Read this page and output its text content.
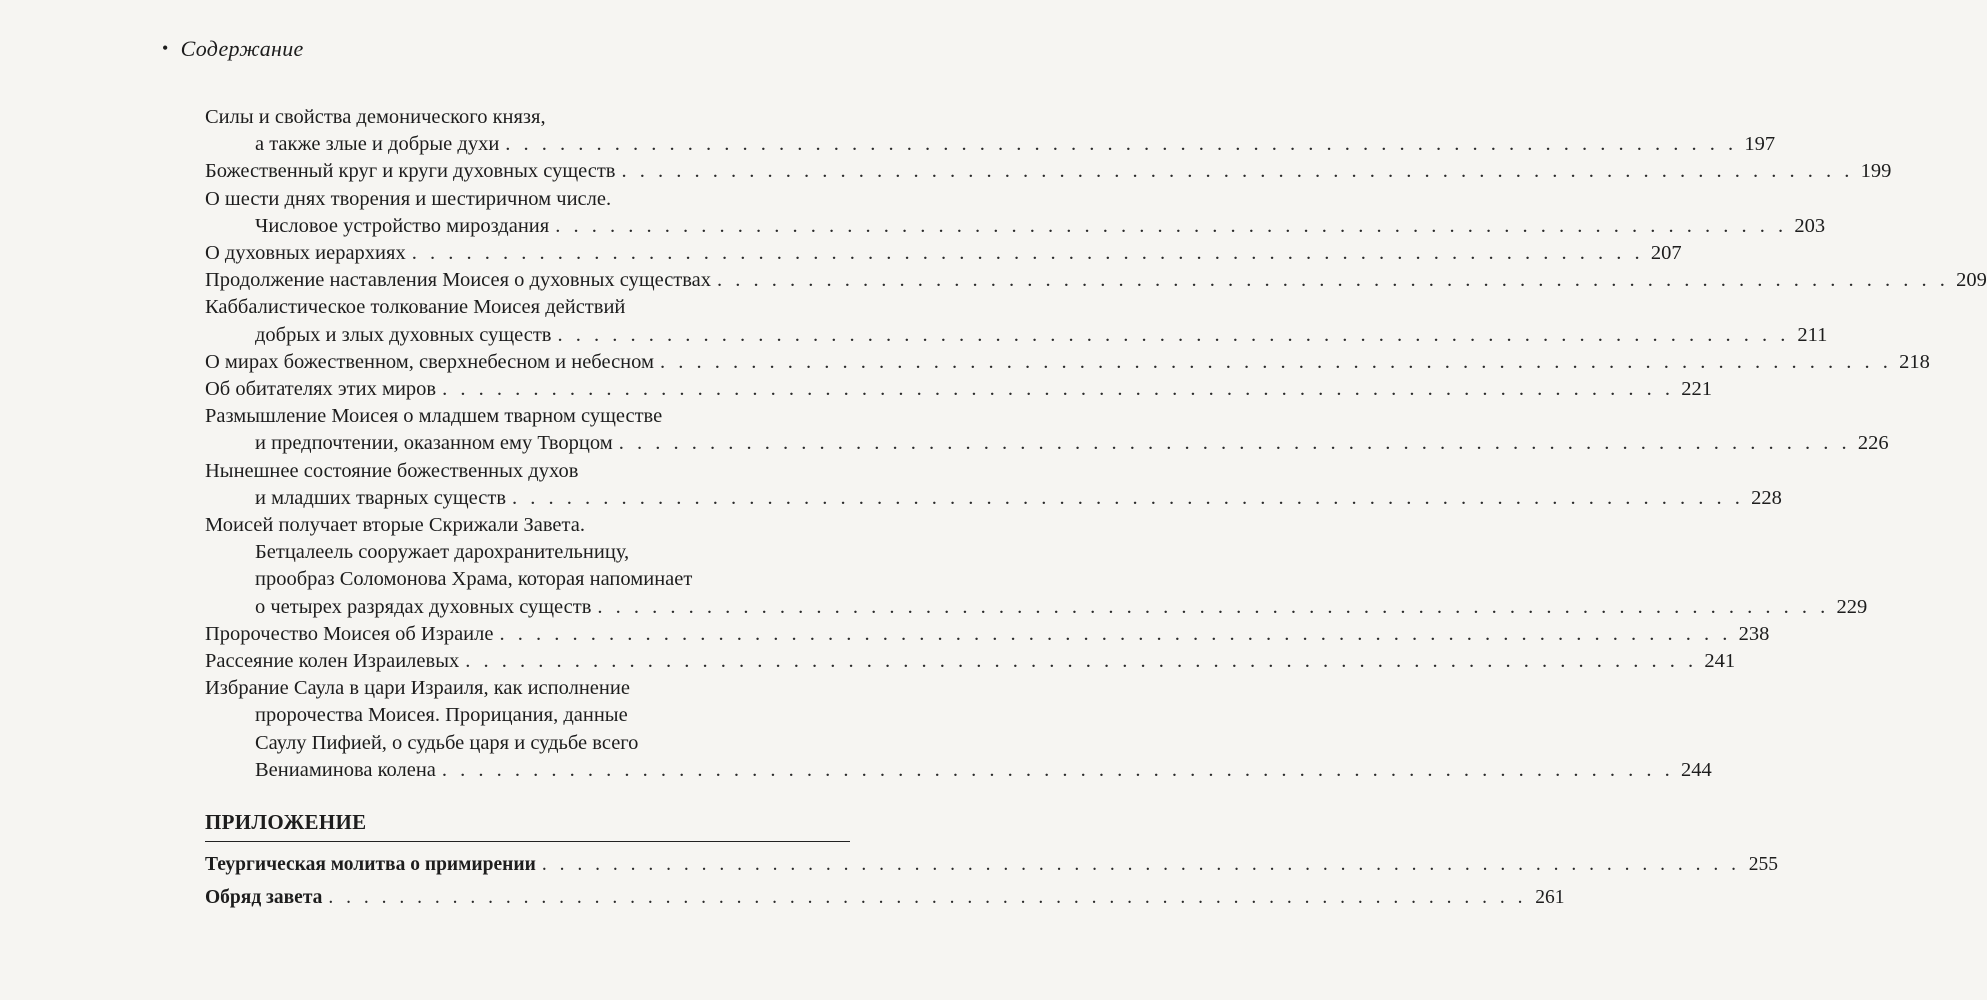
• Содержание
Силы и свойства демонического князя,
а также злые и добрые духи . . . . . . . . . . . . . . . . . . . . . . . . . . . . . . . . . . . . . . . . . . . . . . . . . . . . . . . . . . . . . . . . . . . . 197
Божественный круг и круги духовных существ . . . . . . . . . . . . . . . . . . . . . . . . . . . . . . . . . . . . . . . . . . . . . . . . . . . . . . . . . . . . . . . . . . . . 199
О шести днях творения и шестиричном числе.
Числовое устройство мироздания . . . . . . . . . . . . . . . . . . . . . . . . . . . . . . . . . . . . . . . . . . . . . . . . . . . . . . . . . . . . . . . . . . . . 203
О духовных иерархиях . . . . . . . . . . . . . . . . . . . . . . . . . . . . . . . . . . . . . . . . . . . . . . . . . . . . . . . . . . . . . . . . . . . . 207
Продолжение наставления Моисея о духовных существах . . . . . . . . . . . . . . . . . . . . . . . . . . . . . . . . . . . . . . . . . . . . . . . . . . . . . . . . . . . . . . . . . . . . 209
Каббалистическое толкование Моисея действий
добрых и злых духовных существ . . . . . . . . . . . . . . . . . . . . . . . . . . . . . . . . . . . . . . . . . . . . . . . . . . . . . . . . . . . . . . . . . . . . 211
О мирах божественном, сверхнебесном и небесном . . . . . . . . . . . . . . . . . . . . . . . . . . . . . . . . . . . . . . . . . . . . . . . . . . . . . . . . . . . . . . . . . . . . 218
Об обитателях этих миров . . . . . . . . . . . . . . . . . . . . . . . . . . . . . . . . . . . . . . . . . . . . . . . . . . . . . . . . . . . . . . . . . . . . 221
Размышление Моисея о младшем тварном существе
и предпочтении, оказанном ему Творцом . . . . . . . . . . . . . . . . . . . . . . . . . . . . . . . . . . . . . . . . . . . . . . . . . . . . . . . . . . . . . . . . . . . . 226
Нынешнее состояние божественных духов
и младших тварных существ . . . . . . . . . . . . . . . . . . . . . . . . . . . . . . . . . . . . . . . . . . . . . . . . . . . . . . . . . . . . . . . . . . . . 228
Моисей получает вторые Скрижали Завета.
Бетцалеель сооружает дарохранительницу,
прообраз Соломонова Храма, которая напоминает
о четырех разрядах духовных существ . . . . . . . . . . . . . . . . . . . . . . . . . . . . . . . . . . . . . . . . . . . . . . . . . . . . . . . . . . . . . . . . . . . . 229
Пророчество Моисея об Израиле . . . . . . . . . . . . . . . . . . . . . . . . . . . . . . . . . . . . . . . . . . . . . . . . . . . . . . . . . . . . . . . . . . . . 238
Рассеяние колен Израилевых . . . . . . . . . . . . . . . . . . . . . . . . . . . . . . . . . . . . . . . . . . . . . . . . . . . . . . . . . . . . . . . . . . . . 241
Избрание Саула в цари Израиля, как исполнение
пророчества Моисея. Прорицания, данные
Саулу Пифией, о судьбе царя и судьбе всего
Вениаминова колена . . . . . . . . . . . . . . . . . . . . . . . . . . . . . . . . . . . . . . . . . . . . . . . . . . . . . . . . . . . . . . . . . . . . 244
ПРИЛОЖЕНИЕ
Теургическая молитва о примирении . . . . . . . . . . . . . . . . . . . . . . . . . . . . . . . . . . . . . . . . . . . . . . . . . . . . . . . . . . . . . . . . . . . . 255
Обряд завета . . . . . . . . . . . . . . . . . . . . . . . . . . . . . . . . . . . . . . . . . . . . . . . . . . . . . . . . . . . . . . . . . . . . 261
